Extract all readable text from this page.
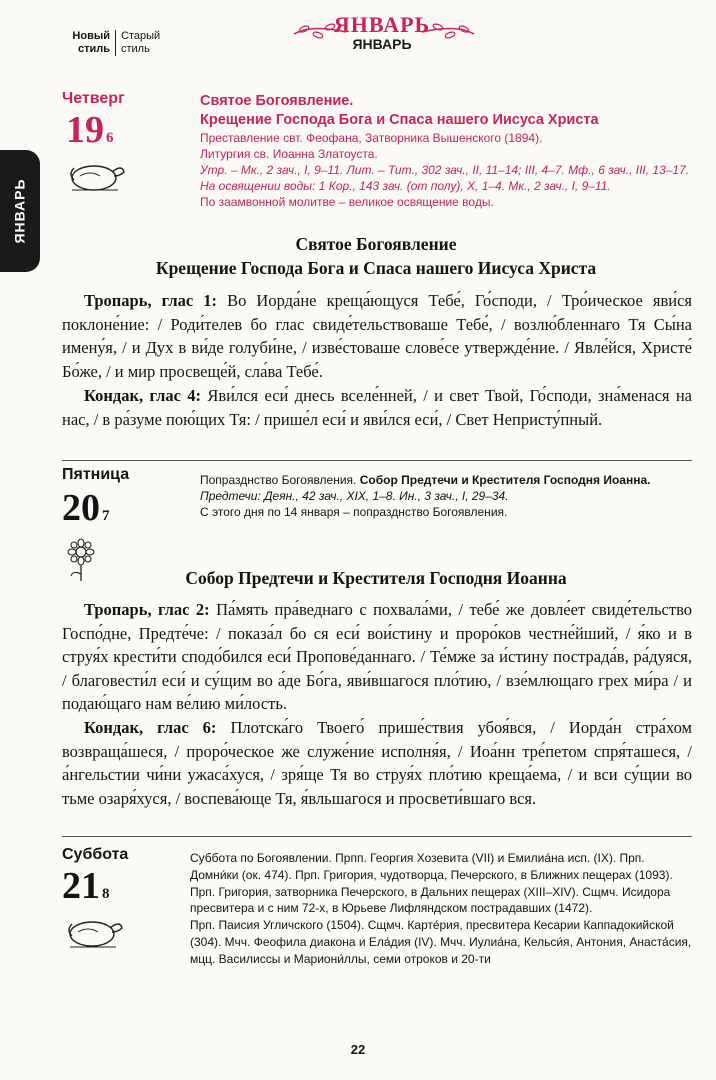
Новый
стиль
Старый
стиль
ЯНВАРЬ
ЯНВАРЬ
ЯНВАРЬ
Четверг
19 6

Святое Богоявление.

Крещение Господа Бога и Спаса нашего Иисуса Христа

Преставление свт. Феофана, Затворника Вышенского (1894).

Литургия св. Иоанна Златоуста.

Утр. – Мк., 2 зач., I, 9–11. Лит. – Тит., 302 зач., II, 11–14; III, 4–7. Мф., 6 зач., III, 13–17. На освящении воды: 1 Кор., 143 зач. (от полу), X, 1–4. Мк., 2 зач., I, 9–11.

По заамвонной молитве – великое освящение воды.

Святое Богоявление
Крещение Господа Бога и Спаса нашего Иисуса Христа
Тропарь, глас 1: Во Иорда́не креща́ющуся Тебе́, Го́споди, / Тро́ическое яви́ся поклоне́ние: / Роди́телев бо глас свиде́тельствоваше Тебе́, / возлю́бленнаго Тя Сы́на имену́я, / и Дух в ви́де голуби́не, / изве́стоваше слове́се утвержде́ние. / Явле́йся, Христе́ Бо́же, / и мир просвеще́й, сла́ва Тебе́.
Кондак, глас 4: Яви́лся еси́ днесь вселе́нней, / и свет Твой, Го́споди, зна́менася на нас, / в ра́зуме пою́щих Тя: / прише́л еси́ и яви́лся еси́, / Свет Непристу́пный.
Пятница
20 7

Попразднство Богоявления. Собор Предтечи и Крестителя Господня Иоанна.

Предтечи: Деян., 42 зач., XIX, 1–8. Ин., 3 зач., I, 29–34.

С этого дня по 14 января – попразднство Богоявления.

Собор Предтечи и Крестителя Господня Иоанна
Тропарь, глас 2: Па́мять пра́веднаго с похвала́ми, / тебе́ же довле́ет свиде́тельство Госпо́дне, Предте́че: / показа́л бо ся еси́ вои́стину и проро́ков честне́йший, / я́ко и в струя́х крести́ти сподо́бился еси́ Пропове́даннаго. / Те́мже за и́стину пострада́в, ра́дуяся, / благовести́л еси́ и су́щим во а́де Бо́га, яви́вшагося пло́тию, / взе́млющаго грех ми́ра / и подаю́щаго нам ве́лию ми́лость.
Кондак, глас 6: Плотска́го Твоего́ прише́ствия убоя́вся, / Иорда́н стра́хом возвраща́шеся, / проро́ческое же служе́ние исполня́я, / Иоа́нн тре́петом спря́ташеся, / а́нгельстии чи́ни ужаса́хуся, / зря́ще Тя во струя́х пло́тию креща́ема, / и вси су́щии во тьме озаря́хуся, / воспева́юще Тя, я́вльшагося и просвети́вшаго вся.
Суббота
21 8

Суббота по Богоявлении. Прпп. Георгия Хозевита (VII) и Емилиа́на исп. (IX). Прп. Домни́ки (ок. 474). Прп. Григория, чудотворца, Печерского, в Ближних пещерах (1093). Прп. Григория, затворника Печерского, в Дальних пещерах (XIII–XIV). Сщмч. Исидора пресвитера и с ним 72-х, в Юрьеве Лифляндском пострадавших (1472).

Прп. Паисия Угличского (1504). Сщмч. Карте́рия, пресвитера Кесарии Каппадокийской (304). Мчч. Феофила диакона и Ела́дия (IV). Мчч. Иулиа́на, Кельси́я, Антония, Анаста́сия, мцц. Василиссы и Мариони́ллы, семи отроков и 20-ти

22
